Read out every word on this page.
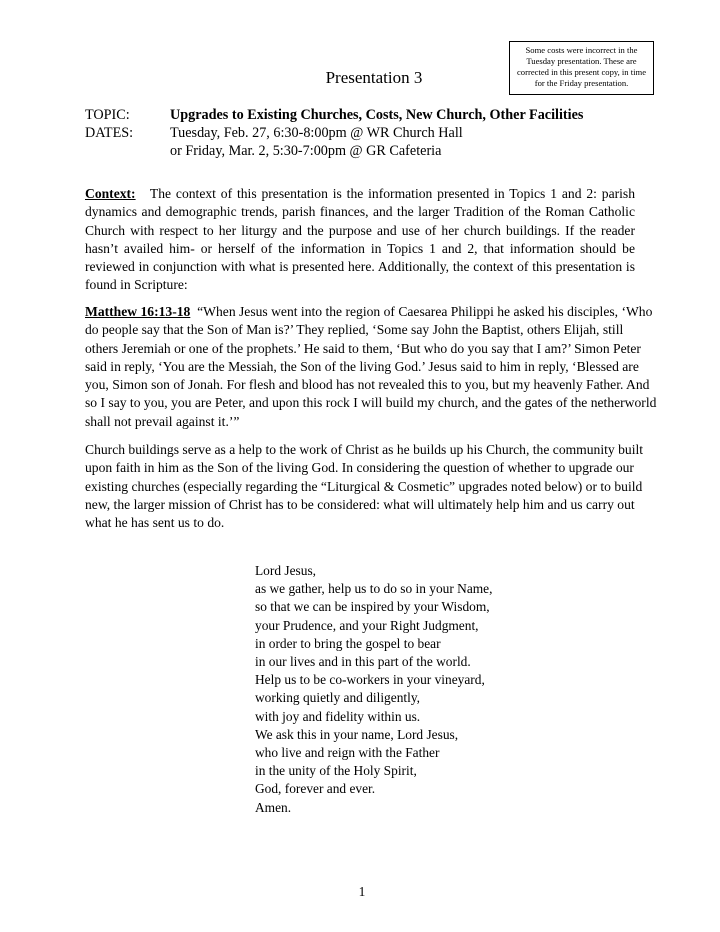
Some costs were incorrect in the Tuesday presentation. These are corrected in this present copy, in time for the Friday presentation.
Presentation 3
TOPIC:	Upgrades to Existing Churches, Costs, New Church, Other Facilities
DATES:	Tuesday, Feb. 27, 6:30-8:00pm @ WR Church Hall
or Friday, Mar. 2, 5:30-7:00pm @ GR Cafeteria
Context: The context of this presentation is the information presented in Topics 1 and 2: parish dynamics and demographic trends, parish finances, and the larger Tradition of the Roman Catholic Church with respect to her liturgy and the purpose and use of her church buildings. If the reader hasn’t availed him- or herself of the information in Topics 1 and 2, that information should be reviewed in conjunction with what is presented here. Additionally, the context of this presentation is found in Scripture:
Matthew 16:13-18 “When Jesus went into the region of Caesarea Philippi he asked his disciples, ‘Who
do people say that the Son of Man is?’ They replied, ‘Some say John the Baptist, others Elijah, still
others Jeremiah or one of the prophets.’ He said to them, ‘But who do you say that I am?’ Simon Peter
said in reply, ‘You are the Messiah, the Son of the living God.’ Jesus said to him in reply, ‘Blessed are
you, Simon son of Jonah. For flesh and blood has not revealed this to you, but my heavenly Father. And
so I say to you, you are Peter, and upon this rock I will build my church, and the gates of the netherworld
shall not prevail against it.’”
Church buildings serve as a help to the work of Christ as he builds up his Church, the community built
upon faith in him as the Son of the living God. In considering the question of whether to upgrade our
existing churches (especially regarding the “Liturgical & Cosmetic” upgrades noted below) or to build
new, the larger mission of Christ has to be considered: what will ultimately help him and us carry out
what he has sent us to do.
Lord Jesus,
as we gather, help us to do so in your Name,
so that we can be inspired by your Wisdom,
your Prudence, and your Right Judgment,
in order to bring the gospel to bear
in our lives and in this part of the world.
Help us to be co-workers in your vineyard,
working quietly and diligently,
with joy and fidelity within us.
We ask this in your name, Lord Jesus,
who live and reign with the Father
in the unity of the Holy Spirit,
God, forever and ever.
Amen.
1
